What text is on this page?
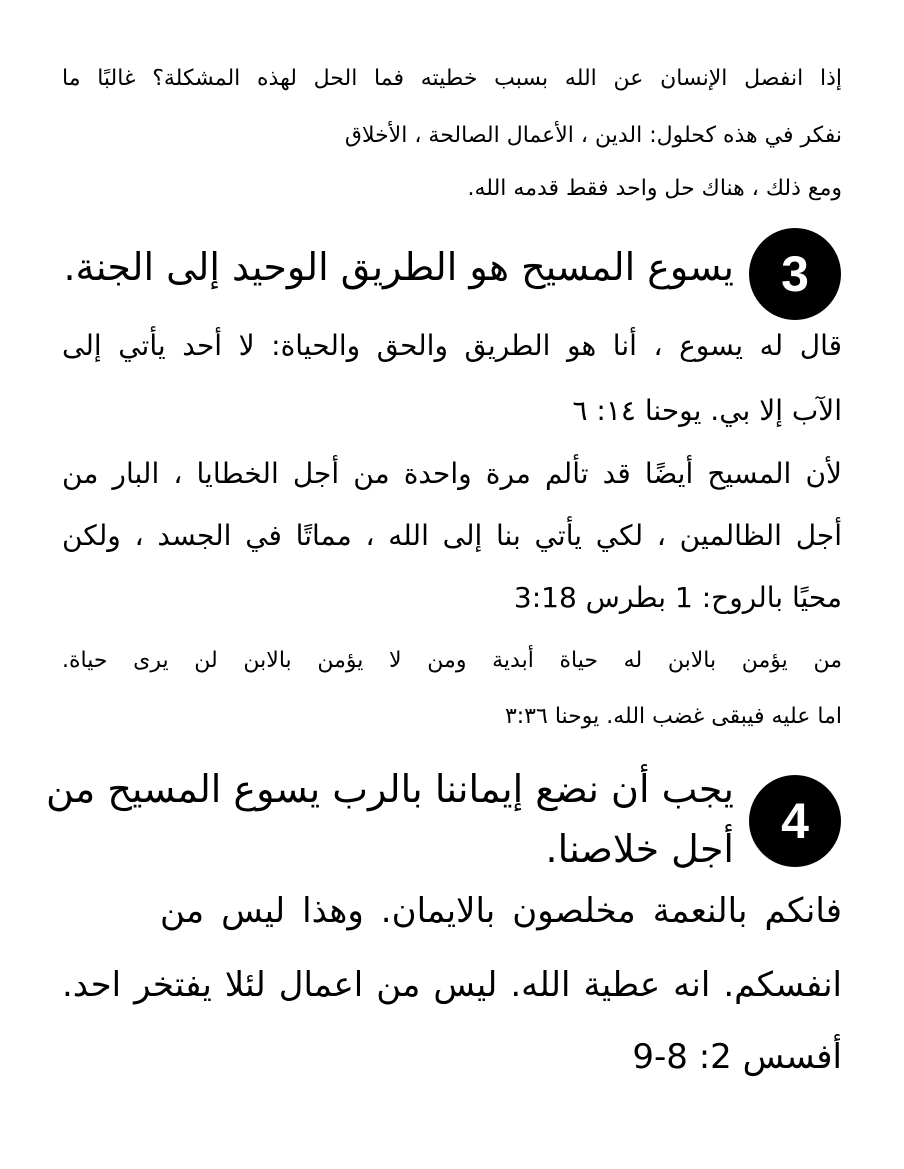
إذا انفصل الإنسان عن الله بسبب خطيته فما الحل لهذه المشكلة؟ غالبًا ما
نفكر في هذه كحلول: الدين ، الأعمال الصالحة ، الأخلاق
ومع ذلك ، هناك حل واحد فقط قدمه الله.
3
يسوع المسيح هو الطريق الوحيد إلى الجنة.
قال له يسوع ، أنا هو الطريق والحق والحياة: لا أحد يأتي إلى
الآب إلا بي. يوحنا ١٤: ٦
لأن المسيح أيضًا قد تألم مرة واحدة من أجل الخطايا ، البار من
أجل الظالمين ، لكي يأتي بنا إلى الله ، مماتًا في الجسد ، ولكن
محيًا بالروح: 1 بطرس 3:18
من يؤمن بالابن له حياة أبدية ومن لا يؤمن بالابن لن يرى حياة.
اما عليه فيبقى غضب الله. يوحنا ٣:٣٦
4
يجب أن نضع إيماننا بالرب يسوع المسيح من
أجل خلاصنا.
فانكم بالنعمة مخلصون بالايمان. وهذا ليس من
انفسكم. انه عطية الله. ليس من اعمال لئلا يفتخر احد.
أفسس 2: 8-9
